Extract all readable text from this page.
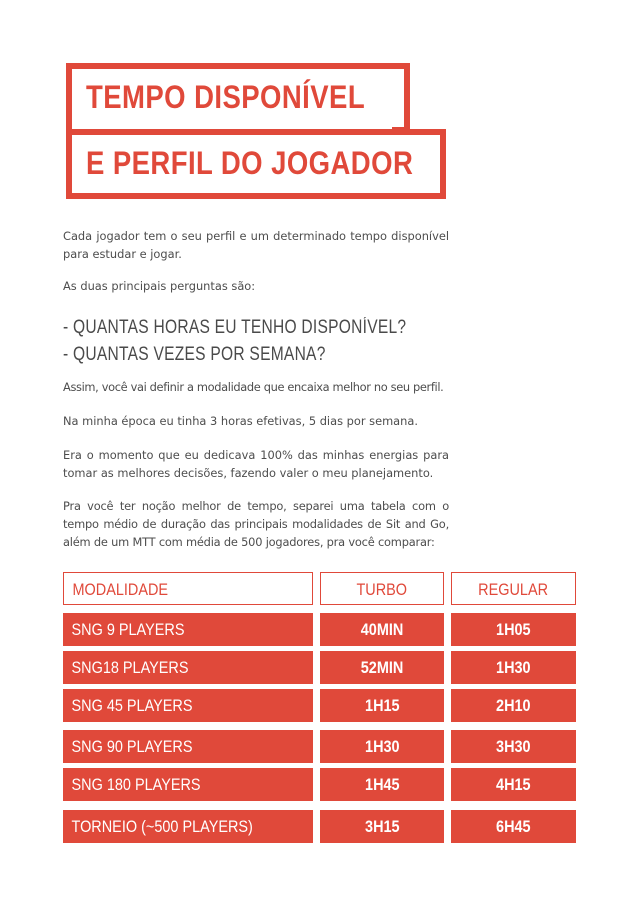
TEMPO DISPONÍVEL
E PERFIL DO JOGADOR
Cada jogador tem o seu perfil e um determinado tempo disponível para estudar e jogar.
As duas principais perguntas são:
- QUANTAS HORAS EU TENHO DISPONÍVEL?
- QUANTAS VEZES POR SEMANA?
Assim, você vai definir a modalidade que encaixa melhor no seu perfil.
Na minha época eu tinha 3 horas efetivas, 5 dias por semana.
Era o momento que eu dedicava 100% das minhas energias para tomar as melhores decisões, fazendo valer o meu planejamento.
Pra você ter noção melhor de tempo, separei uma tabela com o tempo médio de duração das principais modalidades de Sit and Go, além de um MTT com média de 500 jogadores, pra você comparar:
MODALIDADE	TURBO	REGULAR
SNG 9 PLAYERS	40MIN	1H05
SNG18 PLAYERS	52MIN	1H30
SNG 45 PLAYERS	1H15	2H10
SNG 90 PLAYERS	1H30	3H30
SNG 180 PLAYERS	1H45	4H15
TORNEIO (~500 PLAYERS)	3H15	6H45
